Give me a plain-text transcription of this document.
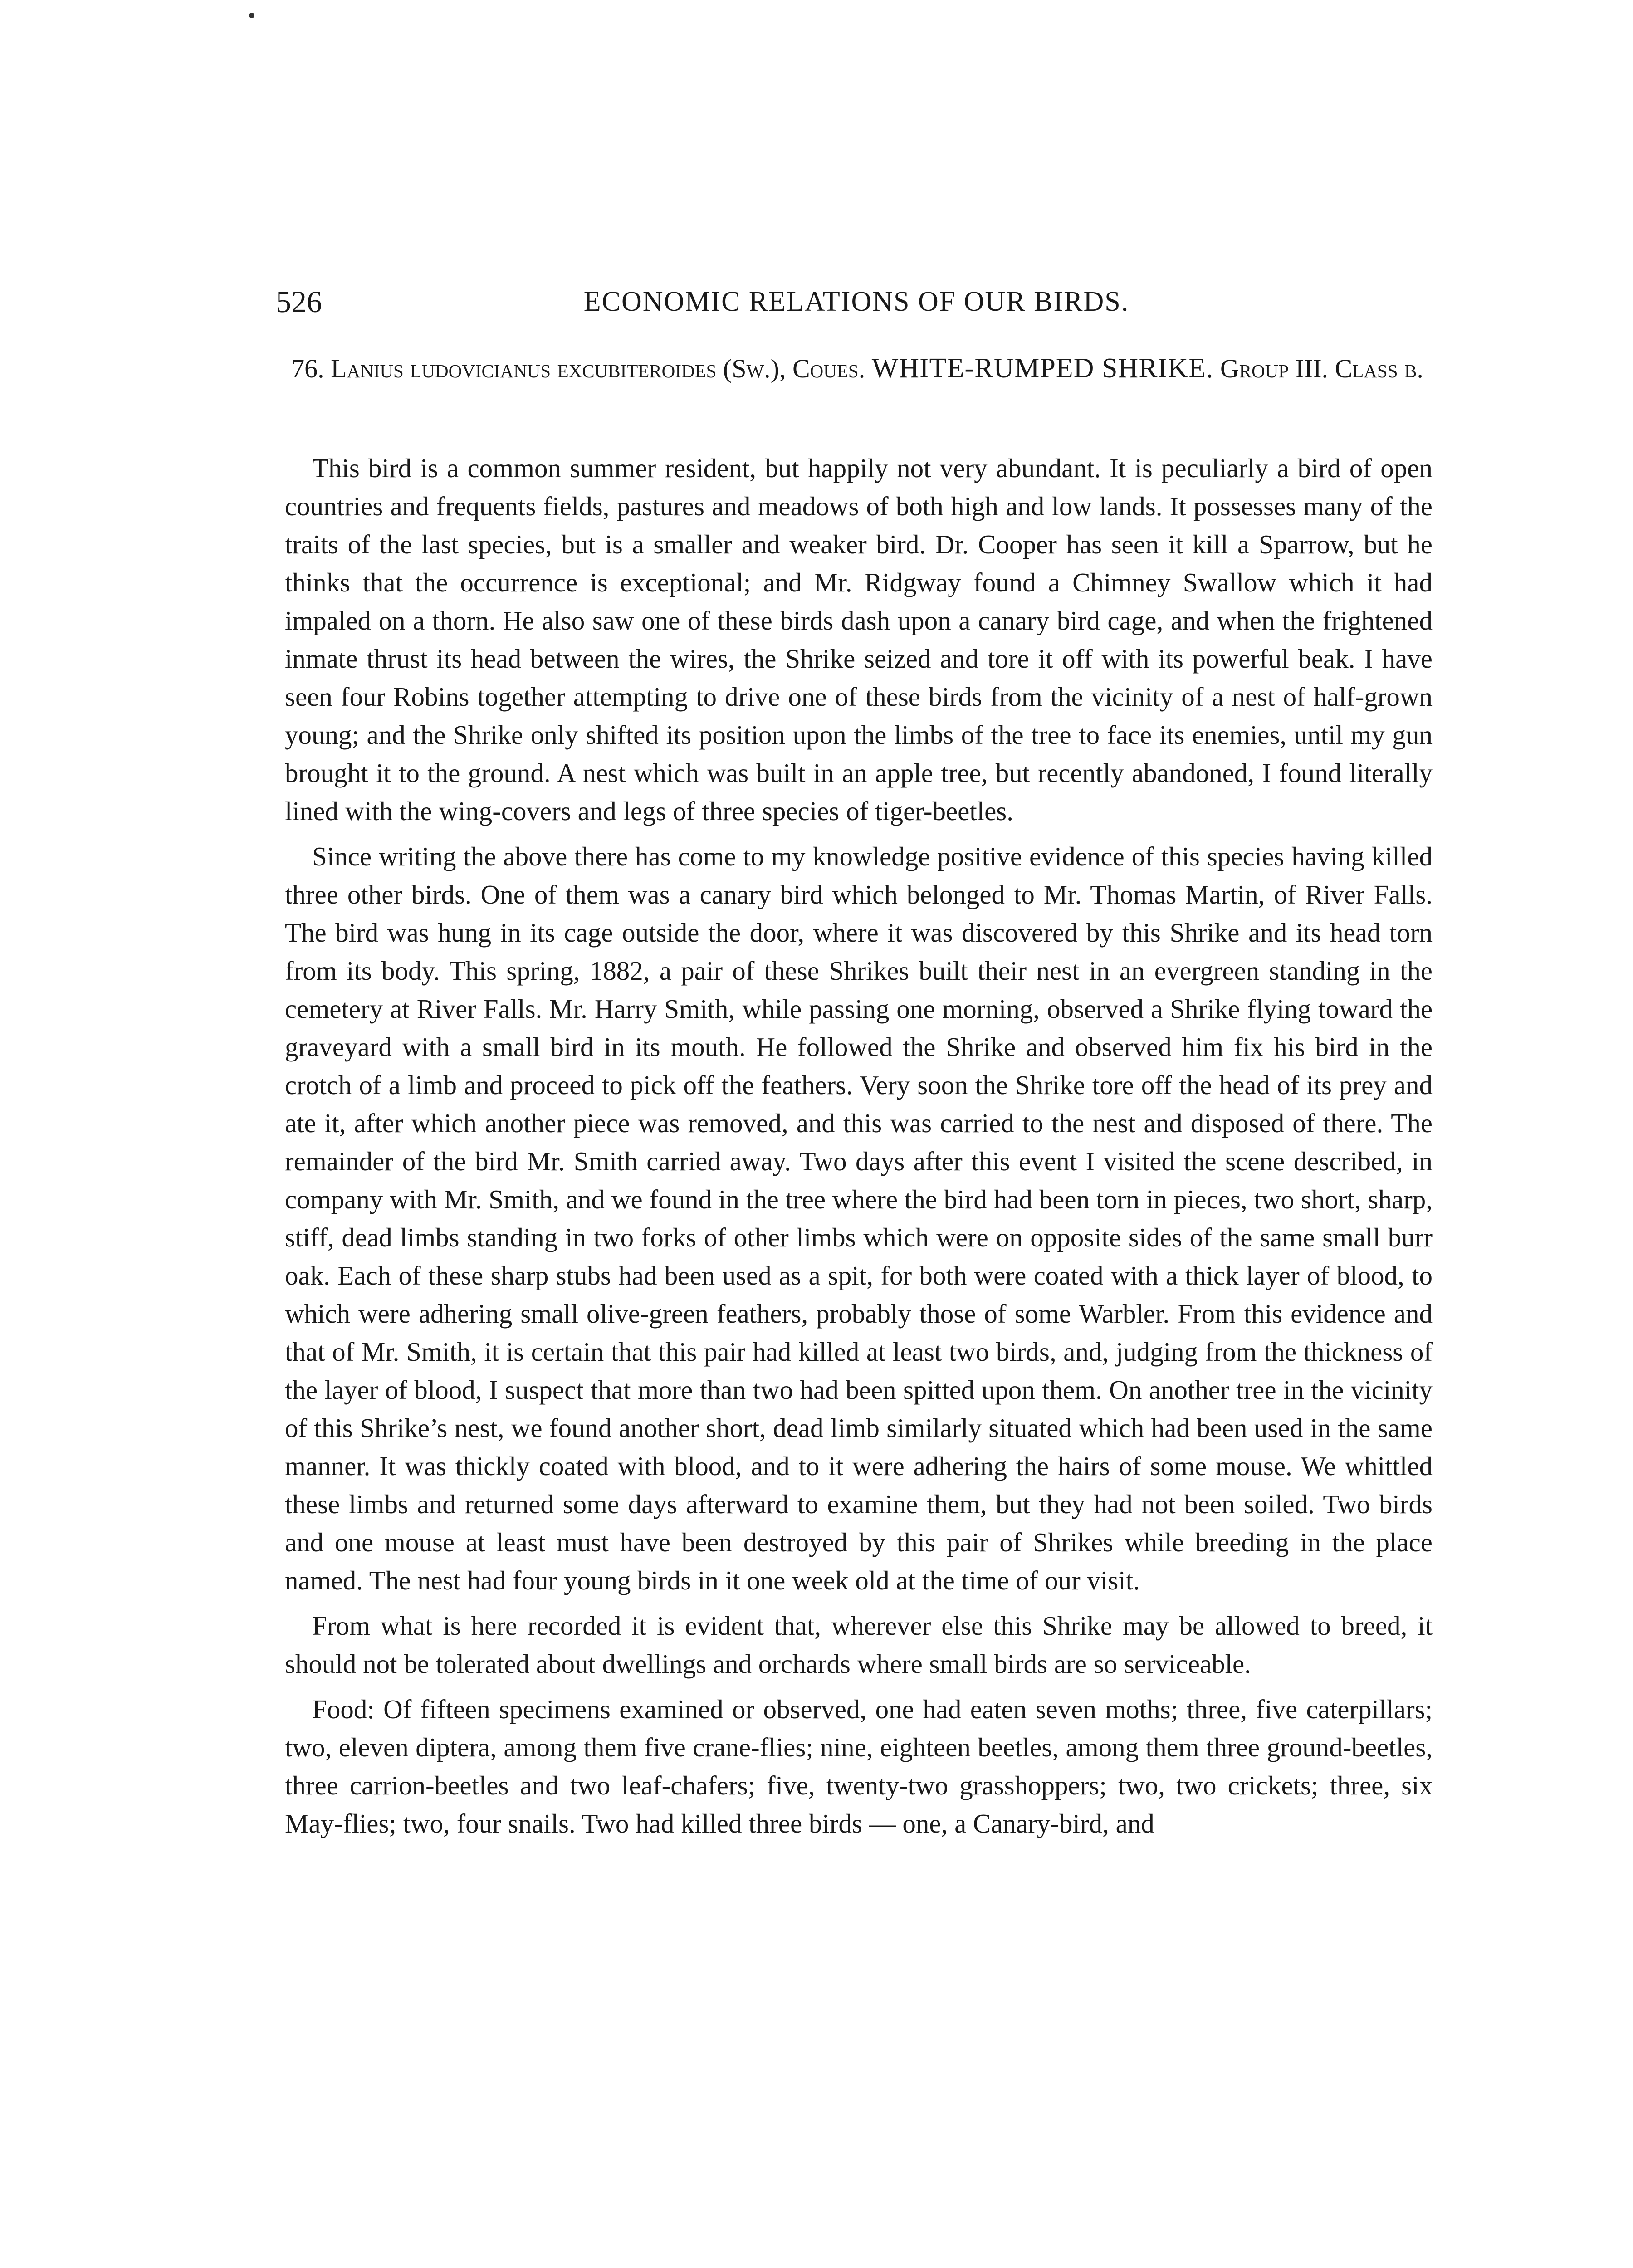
526	ECONOMIC RELATIONS OF OUR BIRDS.
76. Lanius ludovicianus excubiteroides (Sw.), Coues. WHITE-RUMPED SHRIKE. Group III. Class b.

This bird is a common summer resident, but happily not very abundant. It is peculiarly a bird of open countries and frequents fields, pastures and meadows of both high and low lands. It possesses many of the traits of the last species, but is a smaller and weaker bird. Dr. Cooper has seen it kill a Sparrow, but he thinks that the occurrence is exceptional; and Mr. Ridgway found a Chimney Swallow which it had impaled on a thorn. He also saw one of these birds dash upon a canary bird cage, and when the frightened inmate thrust its head between the wires, the Shrike seized and tore it off with its powerful beak. I have seen four Robins together attempting to drive one of these birds from the vicinity of a nest of half-grown young; and the Shrike only shifted its position upon the limbs of the tree to face its enemies, until my gun brought it to the ground. A nest which was built in an apple tree, but recently abandoned, I found literally lined with the wing-covers and legs of three species of tiger-beetles.

Since writing the above there has come to my knowledge positive evidence of this species having killed three other birds. One of them was a canary bird which belonged to Mr. Thomas Martin, of River Falls. The bird was hung in its cage outside the door, where it was discovered by this Shrike and its head torn from its body. This spring, 1882, a pair of these Shrikes built their nest in an evergreen standing in the cemetery at River Falls. Mr. Harry Smith, while passing one morning, observed a Shrike flying toward the graveyard with a small bird in its mouth. He followed the Shrike and observed him fix his bird in the crotch of a limb and proceed to pick off the feathers. Very soon the Shrike tore off the head of its prey and ate it, after which another piece was removed, and this was carried to the nest and disposed of there. The remainder of the bird Mr. Smith carried away. Two days after this event I visited the scene described, in company with Mr. Smith, and we found in the tree where the bird had been torn in pieces, two short, sharp, stiff, dead limbs standing in two forks of other limbs which were on opposite sides of the same small burr oak. Each of these sharp stubs had been used as a spit, for both were coated with a thick layer of blood, to which were adhering small olive-green feathers, probably those of some Warbler. From this evidence and that of Mr. Smith, it is certain that this pair had killed at least two birds, and, judging from the thickness of the layer of blood, I suspect that more than two had been spitted upon them. On another tree in the vicinity of this Shrike’s nest, we found another short, dead limb similarly situated which had been used in the same manner. It was thickly coated with blood, and to it were adhering the hairs of some mouse. We whittled these limbs and returned some days afterward to examine them, but they had not been soiled. Two birds and one mouse at least must have been destroyed by this pair of Shrikes while breeding in the place named. The nest had four young birds in it one week old at the time of our visit.

From what is here recorded it is evident that, wherever else this Shrike may be allowed to breed, it should not be tolerated about dwellings and orchards where small birds are so serviceable.

Food: Of fifteen specimens examined or observed, one had eaten seven moths; three, five caterpillars; two, eleven diptera, among them five crane-flies; nine, eighteen beetles, among them three ground-beetles, three carrion-beetles and two leaf-chafers; five, twenty-two grasshoppers; two, two crickets; three, six May-flies; two, four snails. Two had killed three birds — one, a Canary-bird, and
